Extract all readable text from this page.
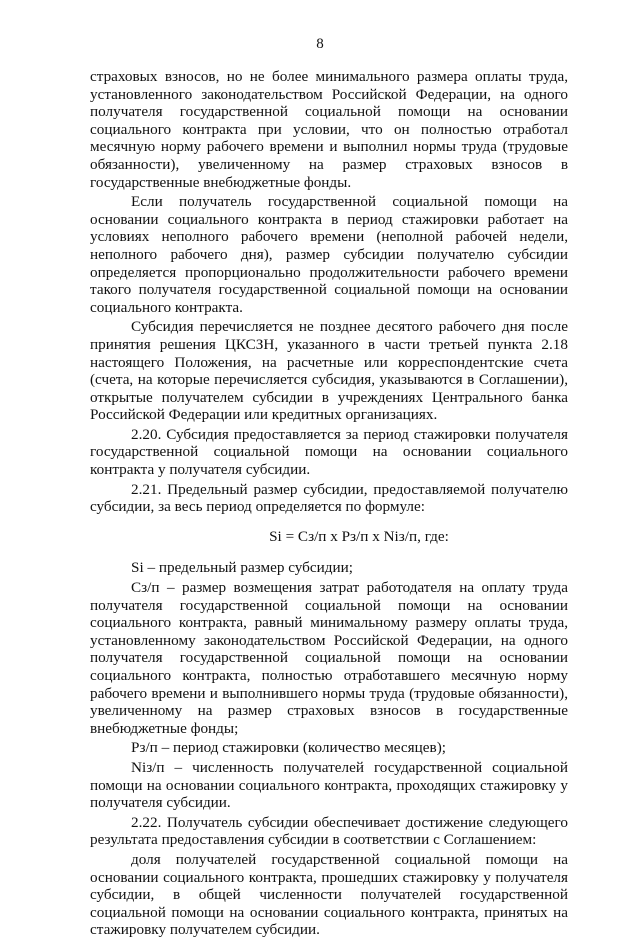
8

страховых взносов, но не более минимального размера оплаты труда, установленного законодательством Российской Федерации, на одного получателя государственной социальной помощи на основании социального контракта при условии, что он полностью отработал месячную норму рабочего времени и выполнил нормы труда (трудовые обязанности), увеличенному на размер страховых взносов в государственные внебюджетные фонды.

Если получатель государственной социальной помощи на основании социального контракта в период стажировки работает на условиях неполного рабочего времени (неполной рабочей недели, неполного рабочего дня), размер субсидии получателю субсидии определяется пропорционально продолжительности рабочего времени такого получателя государственной социальной помощи на основании социального контракта.

Субсидия перечисляется не позднее десятого рабочего дня после принятия решения ЦКСЗН, указанного в части третьей пункта 2.18 настоящего Положения, на расчетные или корреспондентские счета (счета, на которые перечисляется субсидия, указываются в Соглашении), открытые получателем субсидии в учреждениях Центрального банка Российской Федерации или кредитных организациях.

2.20. Субсидия предоставляется за период стажировки получателя государственной социальной помощи на основании социального контракта у получателя субсидии.

2.21. Предельный размер субсидии, предоставляемой получателю субсидии, за весь период определяется по формуле:

Si = Сз/п х Рз/п х Niз/п, где:

Si – предельный размер субсидии;

Сз/п – размер возмещения затрат работодателя на оплату труда получателя государственной социальной помощи на основании социального контракта, равный минимальному размеру оплаты труда, установленному законодательством Российской Федерации, на одного получателя государственной социальной помощи на основании социального контракта, полностью отработавшего месячную норму рабочего времени и выполнившего нормы труда (трудовые обязанности), увеличенному на размер страховых взносов в государственные внебюджетные фонды;

Рз/п – период стажировки (количество месяцев);

Niз/п – численность получателей государственной социальной помощи на основании социального контракта, проходящих стажировку у получателя субсидии.

2.22. Получатель субсидии обеспечивает достижение следующего результата предоставления субсидии в соответствии с Соглашением:

доля получателей государственной социальной помощи на основании социального контракта, прошедших стажировку у получателя субсидии, в общей численности получателей государственной социальной помощи на основании социального контракта, принятых на стажировку получателем субсидии.
